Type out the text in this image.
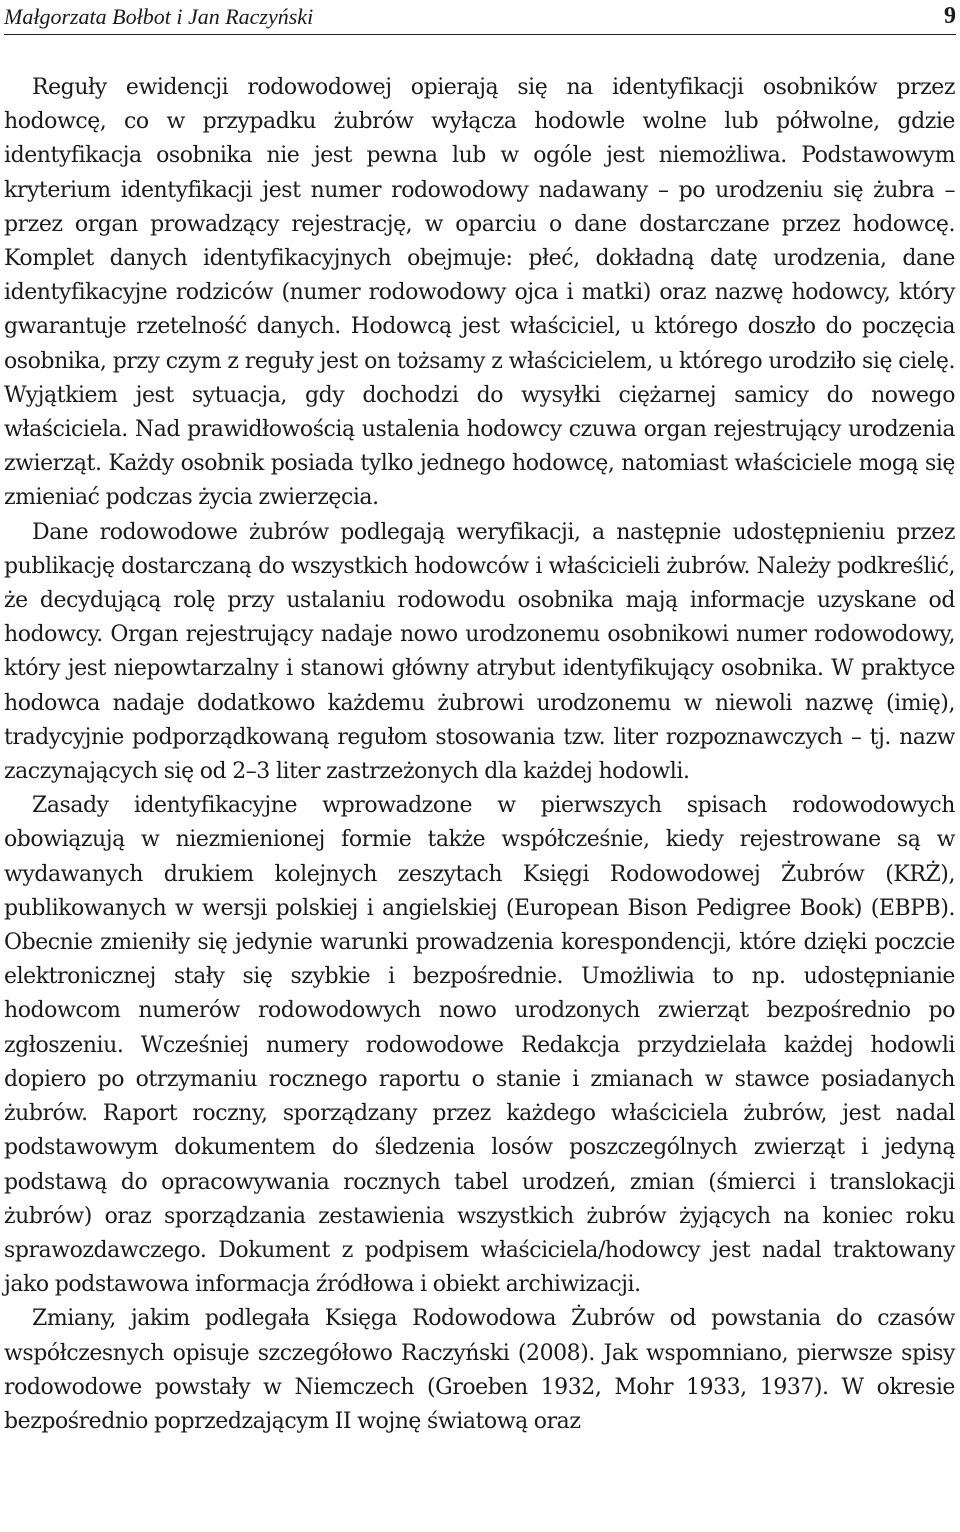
Małgorzata Bołbot i Jan Raczyński	9

Reguły ewidencji rodowodowej opierają się na identyfikacji osobników przez hodowcę, co w przypadku żubrów wyłącza hodowle wolne lub półwolne, gdzie identyfikacja osobnika nie jest pewna lub w ogóle jest niemożliwa. Podstawowym kryterium identyfikacji jest numer rodowodowy nadawany – po urodzeniu się żubra – przez organ prowadzący rejestrację, w oparciu o dane dostarczane przez hodowcę. Komplet danych identyfikacyjnych obejmuje: płeć, dokładną datę urodzenia, dane identyfikacyjne rodziców (numer rodowodowy ojca i matki) oraz nazwę hodowcy, który gwarantuje rzetelność danych. Hodowcą jest właściciel, u którego doszło do poczęcia osobnika, przy czym z reguły jest on tożsamy z właścicielem, u którego urodziło się cielę. Wyjątkiem jest sytuacja, gdy dochodzi do wysyłki ciężarnej samicy do nowego właściciela. Nad prawidłowością ustalenia hodowcy czuwa organ rejestrujący urodzenia zwierząt. Każdy osobnik posiada tylko jednego hodowcę, natomiast właściciele mogą się zmieniać podczas życia zwierzęcia.

Dane rodowodowe żubrów podlegają weryfikacji, a następnie udostępnieniu przez publikację dostarczaną do wszystkich hodowców i właścicieli żubrów. Należy podkreślić, że decydującą rolę przy ustalaniu rodowodu osobnika mają informacje uzyskane od hodowcy. Organ rejestrujący nadaje nowo urodzonemu osobnikowi numer rodowodowy, który jest niepowtarzalny i stanowi główny atrybut identyfikujący osobnika. W praktyce hodowca nadaje dodatkowo każdemu żubrowi urodzonemu w niewoli nazwę (imię), tradycyjnie podporządkowaną regułom stosowania tzw. liter rozpoznawczych – tj. nazw zaczynających się od 2–3 liter zastrzeżonych dla każdej hodowli.

Zasady identyfikacyjne wprowadzone w pierwszych spisach rodowodowych obowiązują w niezmienionej formie także współcześnie, kiedy rejestrowane są w wydawanych drukiem kolejnych zeszytach Księgi Rodowodowej Żubrów (KRŻ), publikowanych w wersji polskiej i angielskiej (European Bison Pedigree Book) (EBPB). Obecnie zmieniły się jedynie warunki prowadzenia korespondencji, które dzięki poczcie elektronicznej stały się szybkie i bezpośrednie. Umożliwia to np. udostępnianie hodowcom numerów rodowodowych nowo urodzonych zwierząt bezpośrednio po zgłoszeniu. Wcześniej numery rodowodowe Redakcja przydzielała każdej hodowli dopiero po otrzymaniu rocznego raportu o stanie i zmianach w stawce posiadanych żubrów. Raport roczny, sporządzany przez każdego właściciela żubrów, jest nadal podstawowym dokumentem do śledzenia losów poszczególnych zwierząt i jedyną podstawą do opracowywania rocznych tabel urodzeń, zmian (śmierci i translokacji żubrów) oraz sporządzania zestawienia wszystkich żubrów żyjących na koniec roku sprawozdawczego. Dokument z podpisem właściciela/hodowcy jest nadal traktowany jako podstawowa informacja źródłowa i obiekt archiwizacji.

Zmiany, jakim podlegała Księga Rodowodowa Żubrów od powstania do czasów współczesnych opisuje szczegółowo Raczyński (2008). Jak wspomniano, pierwsze spisy rodowodowe powstały w Niemczech (Groeben 1932, Mohr 1933, 1937). W okresie bezpośrednio poprzedzającym II wojnę światową oraz
